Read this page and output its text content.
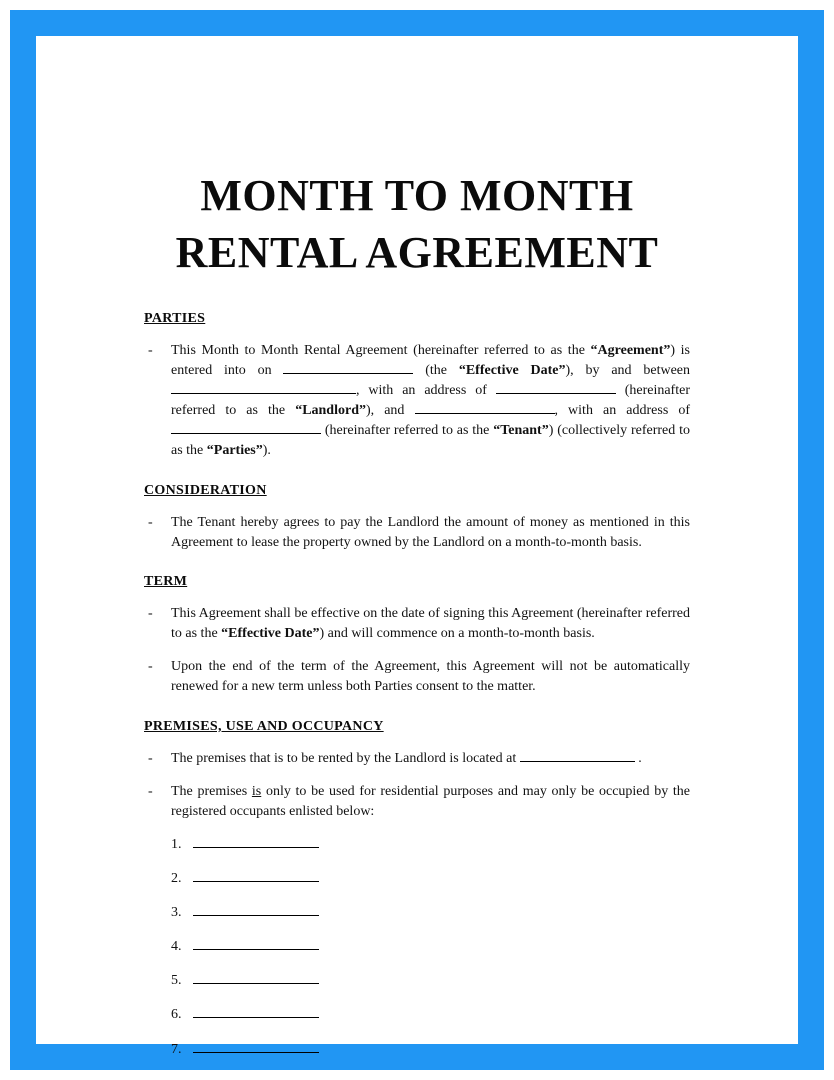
MONTH TO MONTH
RENTAL AGREEMENT
PARTIES
- This Month to Month Rental Agreement (hereinafter referred to as the “Agreement”) is entered into on	(the “Effective Date”), by and between , with an address of	(hereinafter referred to as the “Landlord”), and	, with an address of  (hereinafter referred to as the “Tenant”) (collectively referred to as the “Parties”).
CONSIDERATION
- The Tenant hereby agrees to pay the Landlord the amount of money as mentioned in this Agreement to lease the property owned by the Landlord on a month-to-month basis.
TERM
- This Agreement shall be effective on the date of signing this Agreement (hereinafter referred to as the “Effective Date”) and will commence on a month-to-month basis.
- Upon the end of the term of the Agreement, this Agreement will not be automatically renewed for a new term unless both Parties consent to the matter.
PREMISES, USE AND OCCUPANCY
- The premises that is to be rented by the Landlord is located at	.
- The premises is only to be used for residential purposes and may only be occupied by the registered occupants enlisted below:
1.
2.
3.
4.
5.
6.
7.
